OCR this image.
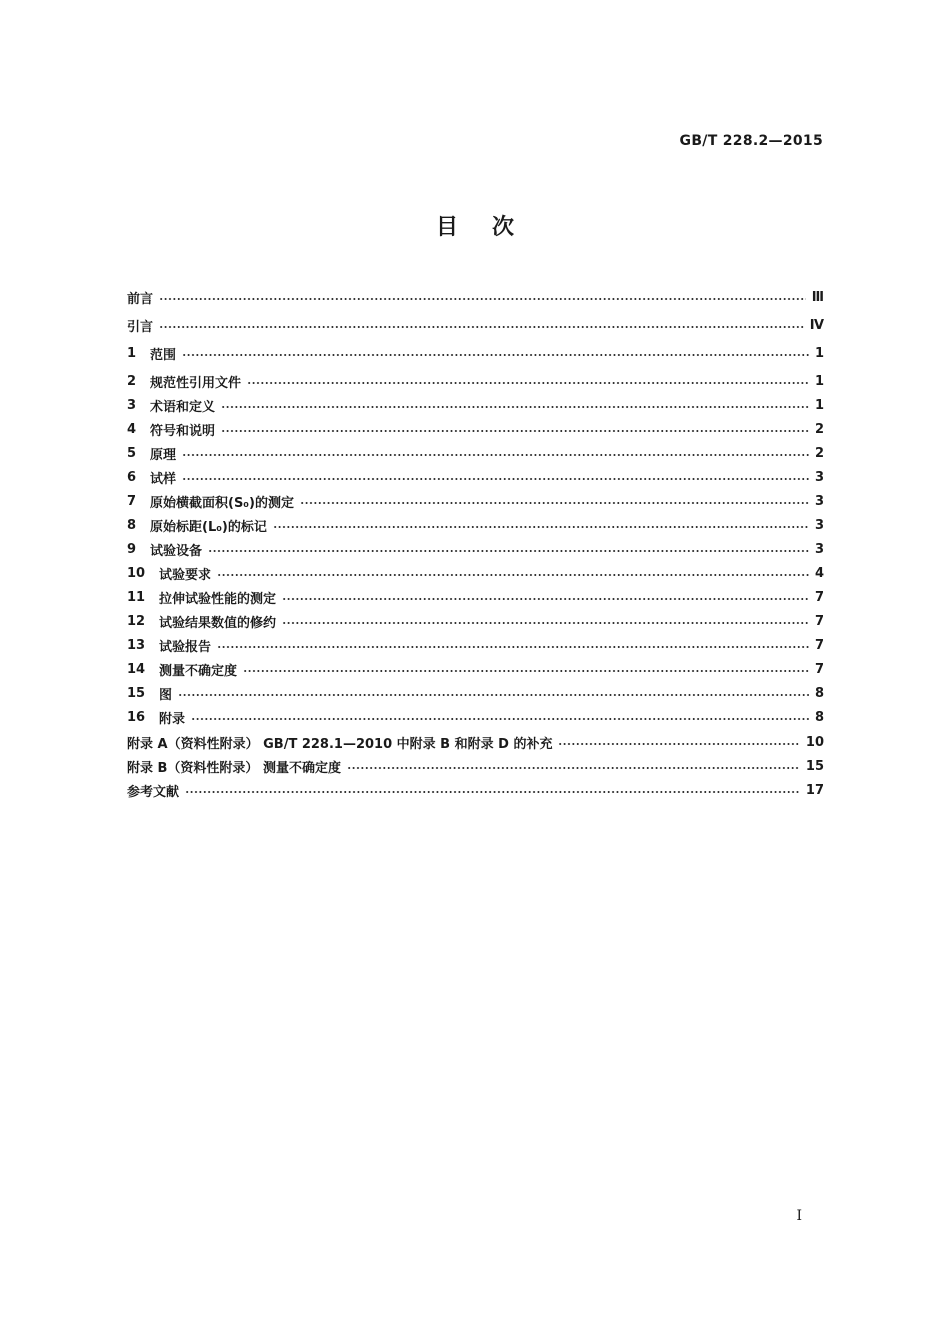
GB/T 228.2—2015
目 次
前言	Ⅲ
引言	Ⅳ
1	范围	1
2	规范性引用文件	1
3	术语和定义	1
4	符号和说明	2
5	原理	2
6	试样	3
7	原始横截面积(S₀)的测定	3
8	原始标距(L₀)的标记	3
9	试验设备	3
10	试验要求	4
11	拉伸试验性能的测定	7
12	试验结果数值的修约	7
13	试验报告	7
14	测量不确定度	7
15	图	8
16	附录	8
附录 A（资料性附录） GB/T 228.1—2010 中附录 B 和附录 D 的补充	10
附录 B（资料性附录） 测量不确定度	15
参考文献	17
I
